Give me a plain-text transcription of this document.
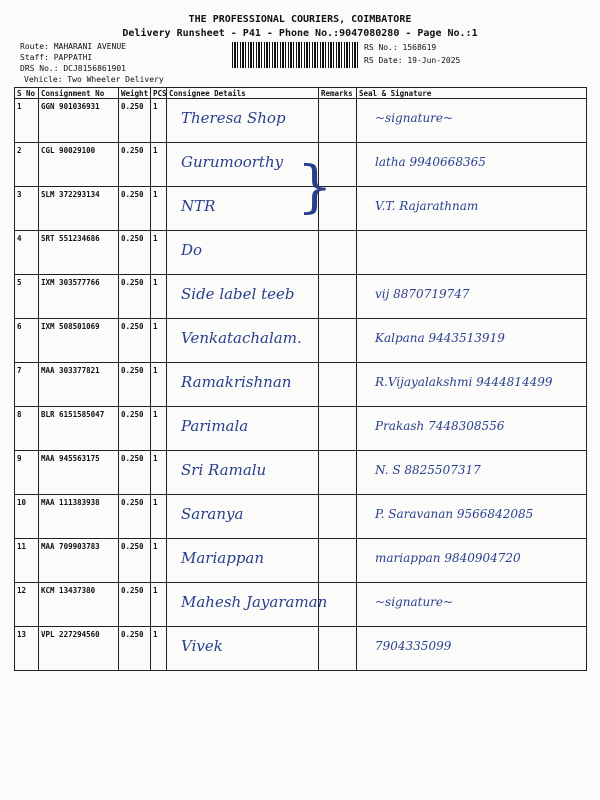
THE PROFESSIONAL COURIERS, COIMBATORE
Delivery Runsheet - P41 - Phone No.:9047080280 - Page No.:1
Route: MAHARANI AVENUE
Staff: PAPPATHI
DRS No.: DCJ8156861901
Vehicle: Two Wheeler Delivery
RS No.: 1568619
RS Date: 19-Jun-2025
S No	Consignment No	Weight	PCS	Consignee Details	Remarks	Seal & Signature
1	GGN 901036931	0.250	1	Theresa Shop		~signature~

2	CGL 90029100	0.250	1	Gurumoorthy		latha 9940668365

3	SLM 372293134	0.250	1	NTR }		V.T. Rajarathnam

4	SRT 551234686	0.250	1	Do		

5	IXM 303577766	0.250	1	Side label teeb		vij 8870719747

6	IXM 508501069	0.250	1	Venkatachalam.		Kalpana 9443513919

7	MAA 303377821	0.250	1	Ramakrishnan		R.Vijayalakshmi 9444814499

8	BLR 6151585047	0.250	1	Parimala		Prakash 7448308556

9	MAA 945563175	0.250	1	Sri Ramalu		N. S 8825507317

10	MAA 111383938	0.250	1	Saranya		P. Saravanan 9566842085

11	MAA 709903783	0.250	1	Mariappan		mariappan 9840904720

12	KCM 13437380	0.250	1	Mahesh Jayaraman		~signature~

13	VPL 227294560	0.250	1	Vivek		7904335099
